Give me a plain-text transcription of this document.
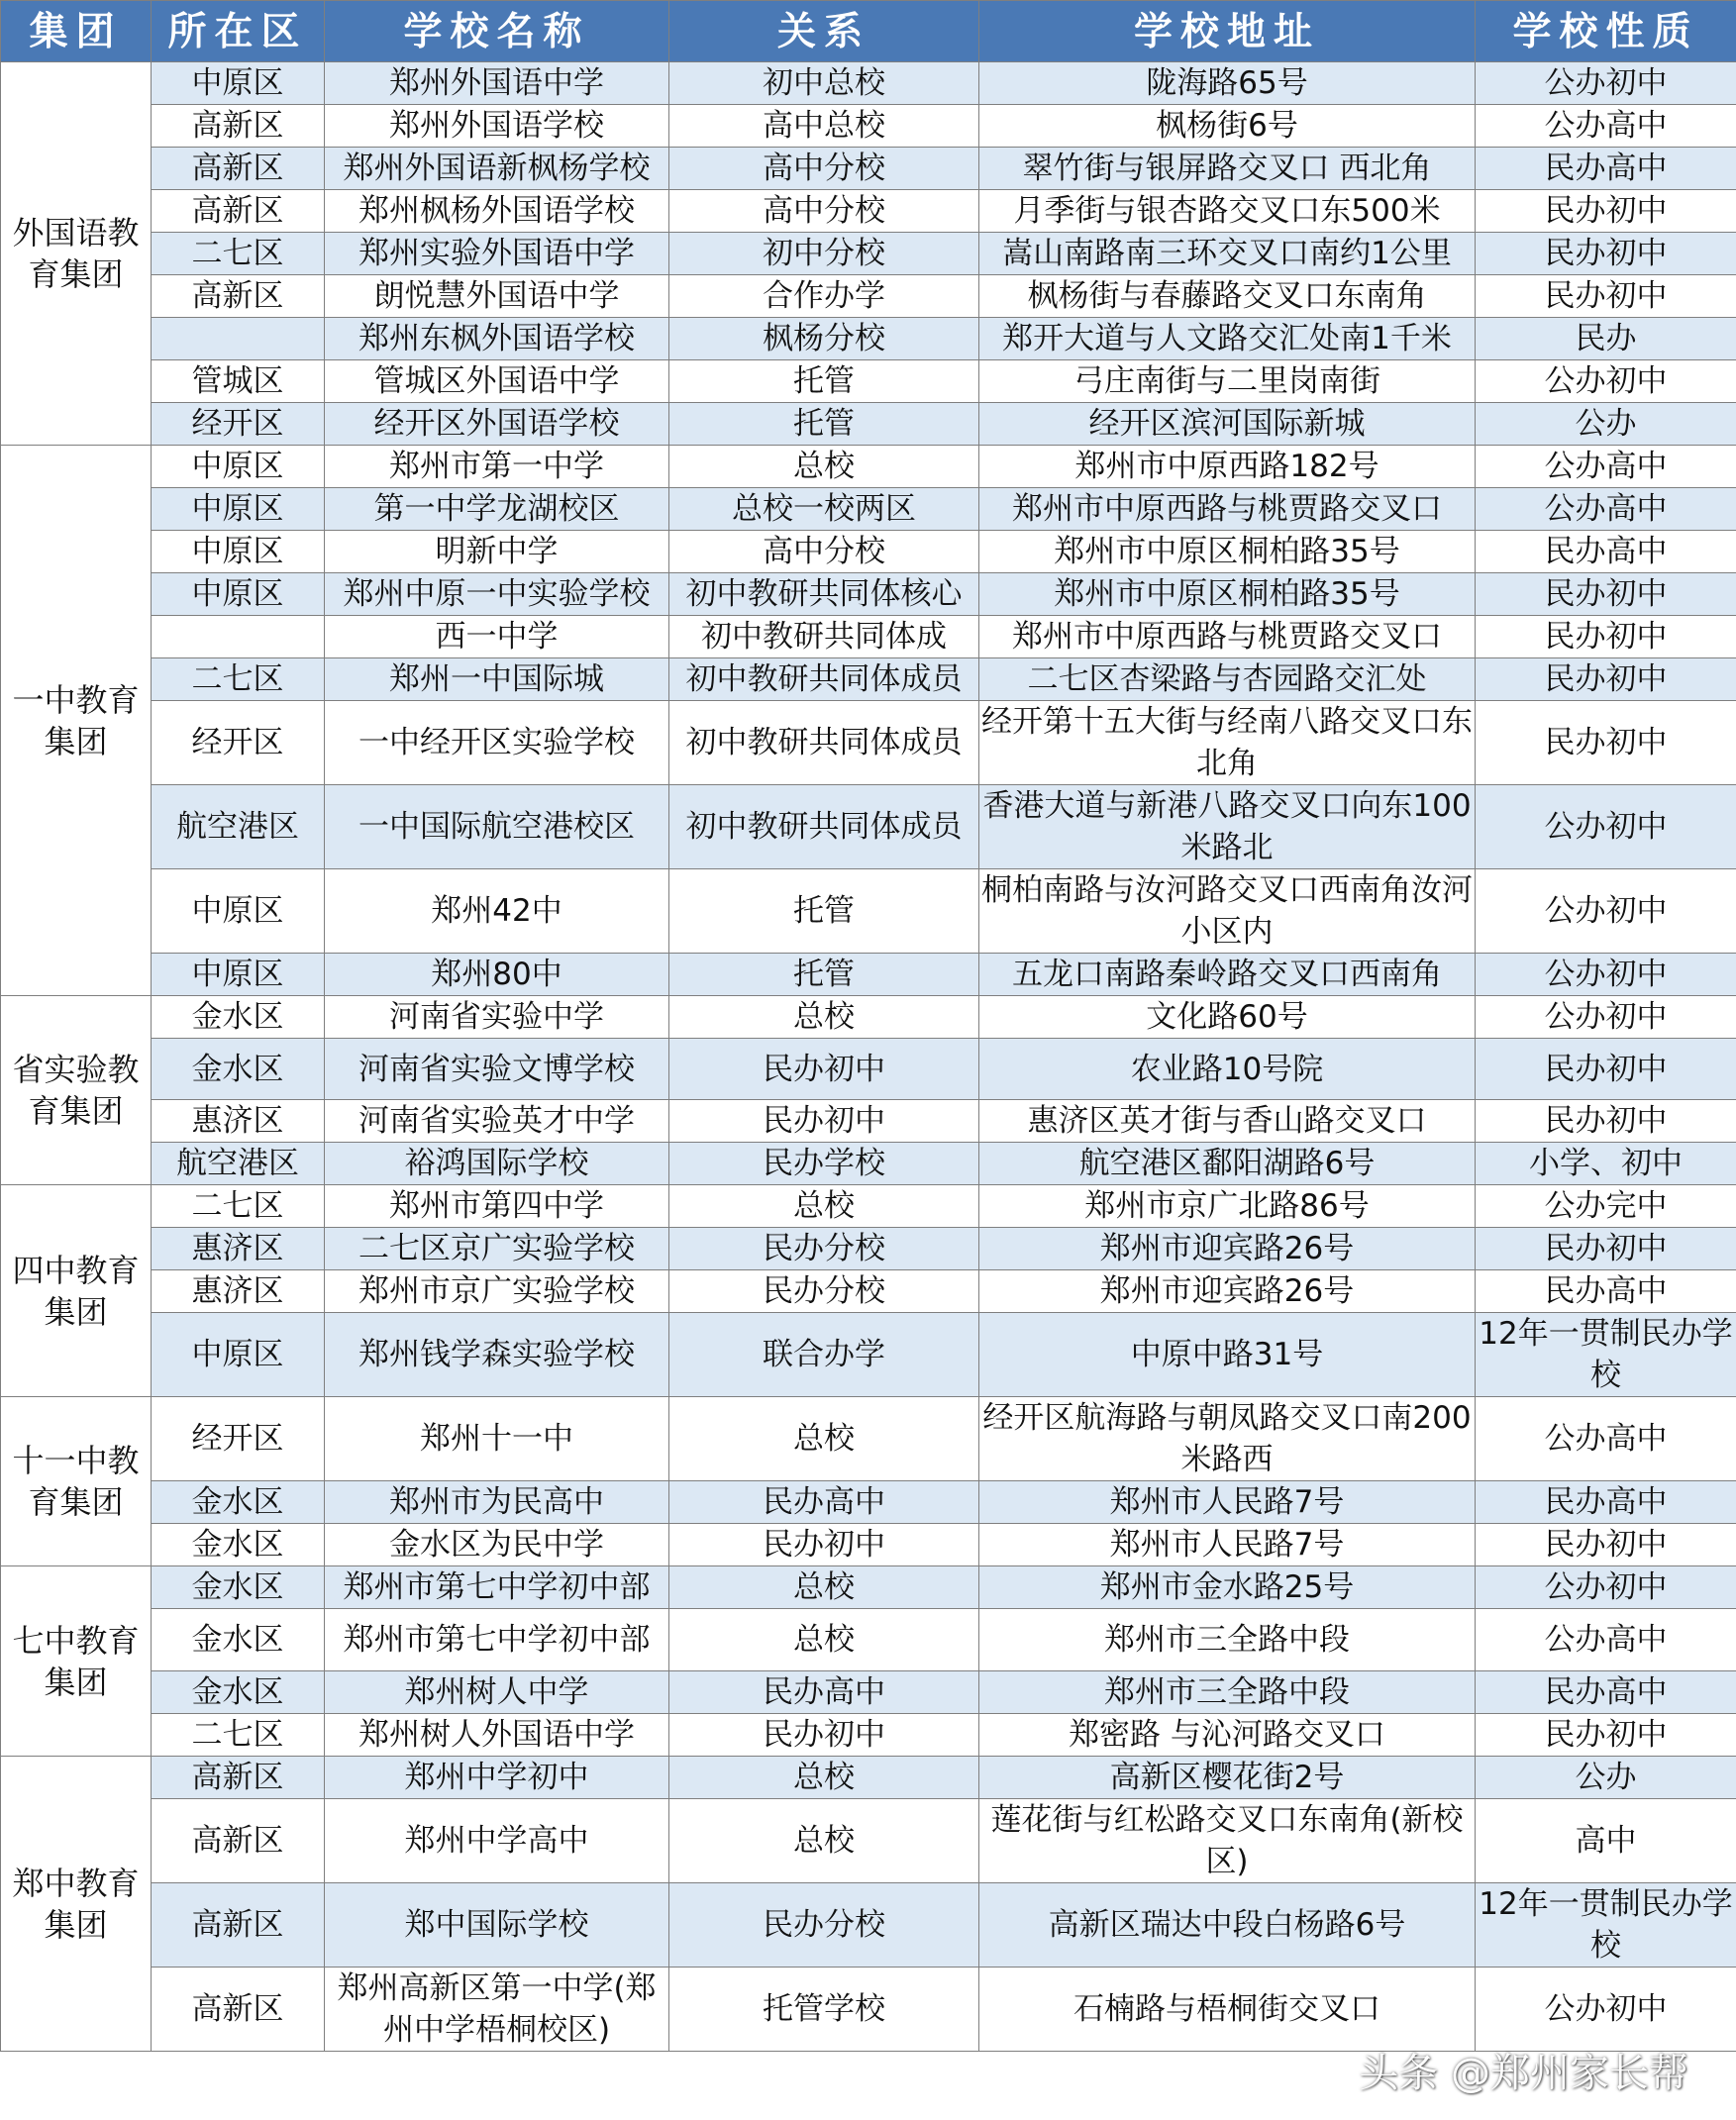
集团	所在区	学校名称	关系	学校地址	学校性质
外国语教育集团	中原区	郑州外国语中学	初中总校	陇海路65号	公办初中
	高新区	郑州外国语学校	高中总校	枫杨街6号	公办高中
	高新区	郑州外国语新枫杨学校	高中分校	翠竹街与银屏路交叉口 西北角	民办高中
	高新区	郑州枫杨外国语学校	高中分校	月季街与银杏路交叉口东500米	民办初中
	二七区	郑州实验外国语中学	初中分校	嵩山南路南三环交叉口南约1公里	民办初中
	高新区	朗悦慧外国语中学	合作办学	枫杨街与春藤路交叉口东南角	民办初中
		郑州东枫外国语学校	枫杨分校	郑开大道与人文路交汇处南1千米	民办
	管城区	管城区外国语中学	托管	弓庄南街与二里岗南街	公办初中
	经开区	经开区外国语学校	托管	经开区滨河国际新城	公办
一中教育集团	中原区	郑州市第一中学	总校	郑州市中原西路182号	公办高中
	中原区	第一中学龙湖校区	总校一校两区	郑州市中原西路与桃贾路交叉口	公办高中
	中原区	明新中学	高中分校	郑州市中原区桐柏路35号	民办高中
	中原区	郑州中原一中实验学校	初中教研共同体核心	郑州市中原区桐柏路35号	民办初中
		西一中学	初中教研共同体成	郑州市中原西路与桃贾路交叉口	民办初中
	二七区	郑州一中国际城	初中教研共同体成员	二七区杏梁路与杏园路交汇处	民办初中
	经开区	一中经开区实验学校	初中教研共同体成员	经开第十五大街与经南八路交叉口东北角	民办初中
	航空港区	一中国际航空港校区	初中教研共同体成员	香港大道与新港八路交叉口向东100米路北	公办初中
	中原区	郑州42中	托管	桐柏南路与汝河路交叉口西南角汝河小区内	公办初中
	中原区	郑州80中	托管	五龙口南路秦岭路交叉口西南角	公办初中
省实验教育集团	金水区	河南省实验中学	总校	文化路60号	公办初中
	金水区	河南省实验文博学校	民办初中	农业路10号院	民办初中
	惠济区	河南省实验英才中学	民办初中	惠济区英才街与香山路交叉口	民办初中
	航空港区	裕鸿国际学校	民办学校	航空港区鄱阳湖路6号	小学、初中
四中教育集团	二七区	郑州市第四中学	总校	郑州市京广北路86号	公办完中
	惠济区	二七区京广实验学校	民办分校	郑州市迎宾路26号	民办初中
	惠济区	郑州市京广实验学校	民办分校	郑州市迎宾路26号	民办高中
	中原区	郑州钱学森实验学校	联合办学	中原中路31号	12年一贯制民办学校
十一中教育集团	经开区	郑州十一中	总校	经开区航海路与朝凤路交叉口南200米路西	公办高中
	金水区	郑州市为民高中	民办高中	郑州市人民路7号	民办高中
	金水区	金水区为民中学	民办初中	郑州市人民路7号	民办初中
七中教育集团	金水区	郑州市第七中学初中部	总校	郑州市金水路25号	公办初中
	金水区	郑州市第七中学初中部	总校	郑州市三全路中段	公办高中
	金水区	郑州树人中学	民办高中	郑州市三全路中段	民办高中
	二七区	郑州树人外国语中学	民办初中	郑密路 与沁河路交叉口	民办初中
郑中教育集团	高新区	郑州中学初中	总校	高新区樱花街2号	公办
	高新区	郑州中学高中	总校	莲花街与红松路交叉口东南角(新校区)	高中
	高新区	郑中国际学校	民办分校	高新区瑞达中段白杨路6号	12年一贯制民办学校
	高新区	郑州高新区第一中学(郑州中学梧桐校区)	托管学校	石楠路与梧桐街交叉口	公办初中
头条 @郑州家长帮
